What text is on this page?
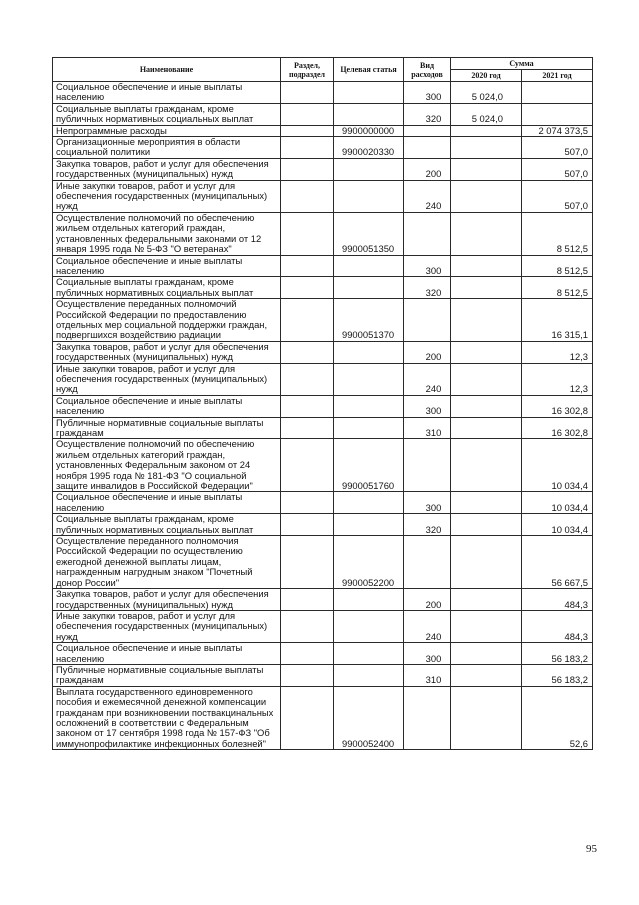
Наименование	Раздел, подраздел	Целевая статья	Вид расходов	Сумма	
				2020 год	2021 год
Социальное обеспечение и иные выплаты населению			300	5 024,0	
Социальные выплаты гражданам, кроме публичных нормативных социальных выплат			320	5 024,0	
Непрограммные расходы		9900000000			2 074 373,5
Организационные мероприятия в области социальной политики		9900020330			507,0
Закупка товаров, работ и услуг для обеспечения государственных (муниципальных) нужд			200		507,0
Иные закупки товаров, работ и услуг для обеспечения государственных (муниципальных) нужд			240		507,0
Осуществление полномочий по обеспечению жильем отдельных категорий граждан, установленных федеральными законами от 12 января 1995 года № 5-ФЗ "О ветеранах"		9900051350			8 512,5
Социальное обеспечение и иные выплаты населению			300		8 512,5
Социальные выплаты гражданам, кроме публичных нормативных социальных выплат			320		8 512,5
Осуществление переданных полномочий Российской Федерации по предоставлению отдельных мер социальной поддержки граждан, подвергшихся воздействию радиации		9900051370			16 315,1
Закупка товаров, работ и услуг для обеспечения государственных (муниципальных) нужд			200		12,3
Иные закупки товаров, работ и услуг для обеспечения государственных (муниципальных) нужд			240		12,3
Социальное обеспечение и иные выплаты населению			300		16 302,8
Публичные нормативные социальные выплаты гражданам			310		16 302,8
Осуществление полномочий по обеспечению жильем отдельных категорий граждан, установленных Федеральным законом от 24 ноября 1995 года № 181-ФЗ "О социальной защите инвалидов в Российской Федерации"		9900051760			10 034,4
Социальное обеспечение и иные выплаты населению			300		10 034,4
Социальные выплаты гражданам, кроме публичных нормативных социальных выплат			320		10 034,4
Осуществление переданного полномочия Российской Федерации по осуществлению ежегодной денежной выплаты лицам, награжденным нагрудным знаком "Почетный донор России"		9900052200			56 667,5
Закупка товаров, работ и услуг для обеспечения государственных (муниципальных) нужд			200		484,3
Иные закупки товаров, работ и услуг для обеспечения государственных (муниципальных) нужд			240		484,3
Социальное обеспечение и иные выплаты населению			300		56 183,2
Публичные нормативные социальные выплаты гражданам			310		56 183,2
Выплата государственного единовременного пособия и ежемесячной денежной компенсации гражданам при возникновении поствакцинальных осложнений в соответствии с Федеральным законом от 17 сентября 1998 года № 157-ФЗ "Об иммунопрофилактике инфекционных болезней"		9900052400			52,6
95
